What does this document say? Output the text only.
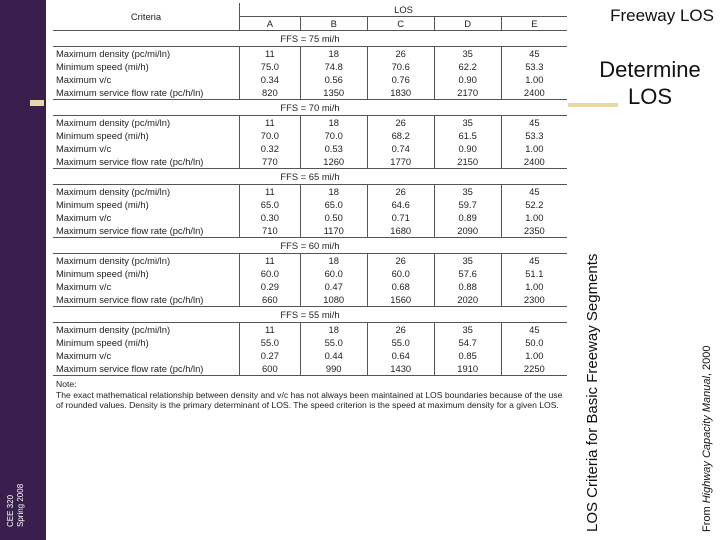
CEE 320 Spring 2008
Freeway LOS
Determine LOS
LOS Criteria for Basic Freeway Segments	From Highway Capacity Manual, 2000
Criteria	LOS				
	A	B	C	D	E
FFS = 75 mi/h					
Maximum density (pc/mi/ln)	11	18	26	35	45
Minimum speed (mi/h)	75.0	74.8	70.6	62.2	53.3
Maximum v/c	0.34	0.56	0.76	0.90	1.00
Maximum service flow rate (pc/h/ln)	820	1350	1830	2170	2400
FFS = 70 mi/h					
Maximum density (pc/mi/ln)	11	18	26	35	45
Minimum speed (mi/h)	70.0	70.0	68.2	61.5	53.3
Maximum v/c	0.32	0.53	0.74	0.90	1.00
Maximum service flow rate (pc/h/ln)	770	1260	1770	2150	2400
FFS = 65 mi/h					
Maximum density (pc/mi/ln)	11	18	26	35	45
Minimum speed (mi/h)	65.0	65.0	64.6	59.7	52.2
Maximum v/c	0.30	0.50	0.71	0.89	1.00
Maximum service flow rate (pc/h/ln)	710	1170	1680	2090	2350
FFS = 60 mi/h					
Maximum density (pc/mi/ln)	11	18	26	35	45
Minimum speed (mi/h)	60.0	60.0	60.0	57.6	51.1
Maximum v/c	0.29	0.47	0.68	0.88	1.00
Maximum service flow rate (pc/h/ln)	660	1080	1560	2020	2300
FFS = 55 mi/h					
Maximum density (pc/mi/ln)	11	18	26	35	45
Minimum speed (mi/h)	55.0	55.0	55.0	54.7	50.0
Maximum v/c	0.27	0.44	0.64	0.85	1.00
Maximum service flow rate (pc/h/ln)	600	990	1430	1910	2250
Note:
The exact mathematical relationship between density and v/c has not always been maintained at LOS boundaries because of the use of rounded values. Density is the primary determinant of LOS. The speed criterion is the speed at maximum density for a given LOS.
